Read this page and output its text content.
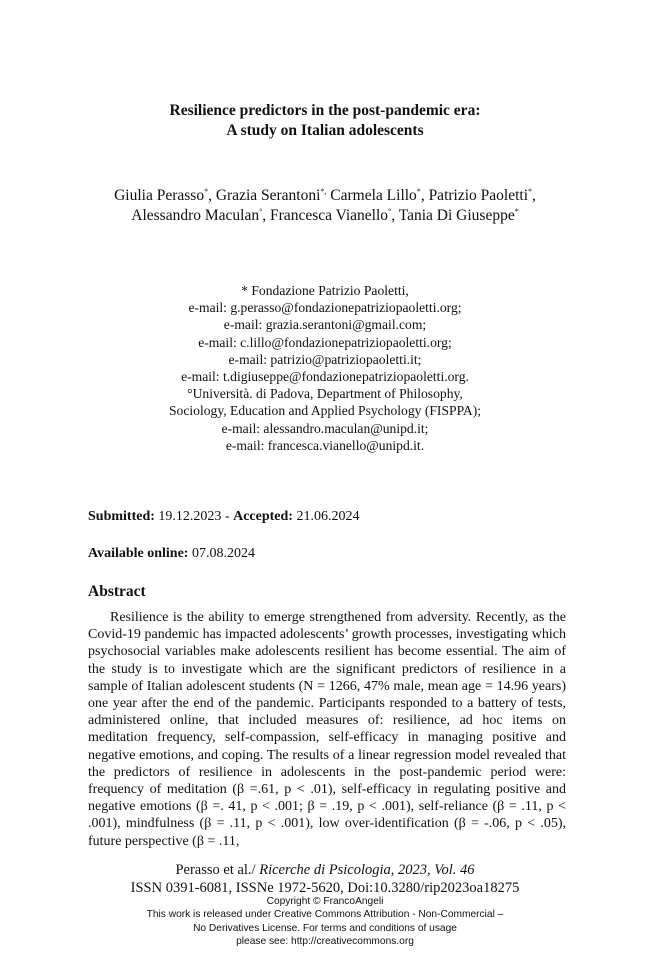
Resilience predictors in the post-pandemic era:
A study on Italian adolescents
Giulia Perasso*, Grazia Serantoni*, Carmela Lillo*, Patrizio Paoletti*,
Alessandro Maculan°, Francesca Vianello°, Tania Di Giuseppe*
* Fondazione Patrizio Paoletti,
e-mail: g.perasso@fondazionepatriziopaoletti.org;
e-mail: grazia.serantoni@gmail.com;
e-mail: c.lillo@fondazionepatriziopaoletti.org;
e-mail: patrizio@patriziopaoletti.it;
e-mail: t.digiuseppe@fondazionepatriziopaoletti.org.
°Università. di Padova, Department of Philosophy,
Sociology, Education and Applied Psychology (FISPPA);
e-mail: alessandro.maculan@unipd.it;
e-mail: francesca.vianello@unipd.it.
Submitted: 19.12.2023 - Accepted: 21.06.2024
Available online: 07.08.2024
Abstract

Resilience is the ability to emerge strengthened from adversity. Recently, as the Covid-19 pandemic has impacted adolescents’ growth processes, investigating which psychosocial variables make adolescents resilient has become essential. The aim of the study is to investigate which are the significant predictors of resilience in a sample of Italian adolescent students (N = 1266, 47% male, mean age = 14.96 years) one year after the end of the pandemic. Participants responded to a battery of tests, administered online, that included measures of: resilience, ad hoc items on meditation frequency, self-compassion, self-efficacy in managing positive and negative emotions, and coping. The results of a linear regression model revealed that the predictors of resilience in adolescents in the post-pandemic period were: frequency of meditation (β =.61, p < .01), self-efficacy in regulating positive and negative emotions (β =. 41, p < .001; β = .19, p < .001), self-reliance (β = .11, p < .001), mindfulness (β = .11, p < .001), low over-identification (β = -.06, p < .05), future perspective (β = .11,

Perasso et al./ Ricerche di Psicologia, 2023, Vol. 46
ISSN 0391-6081, ISSNe 1972-5620, Doi:10.3280/rip2023oa18275
Copyright © FrancoAngeli
This work is released under Creative Commons Attribution - Non-Commercial –
No Derivatives License. For terms and conditions of usage
please see: http://creativecommons.org
